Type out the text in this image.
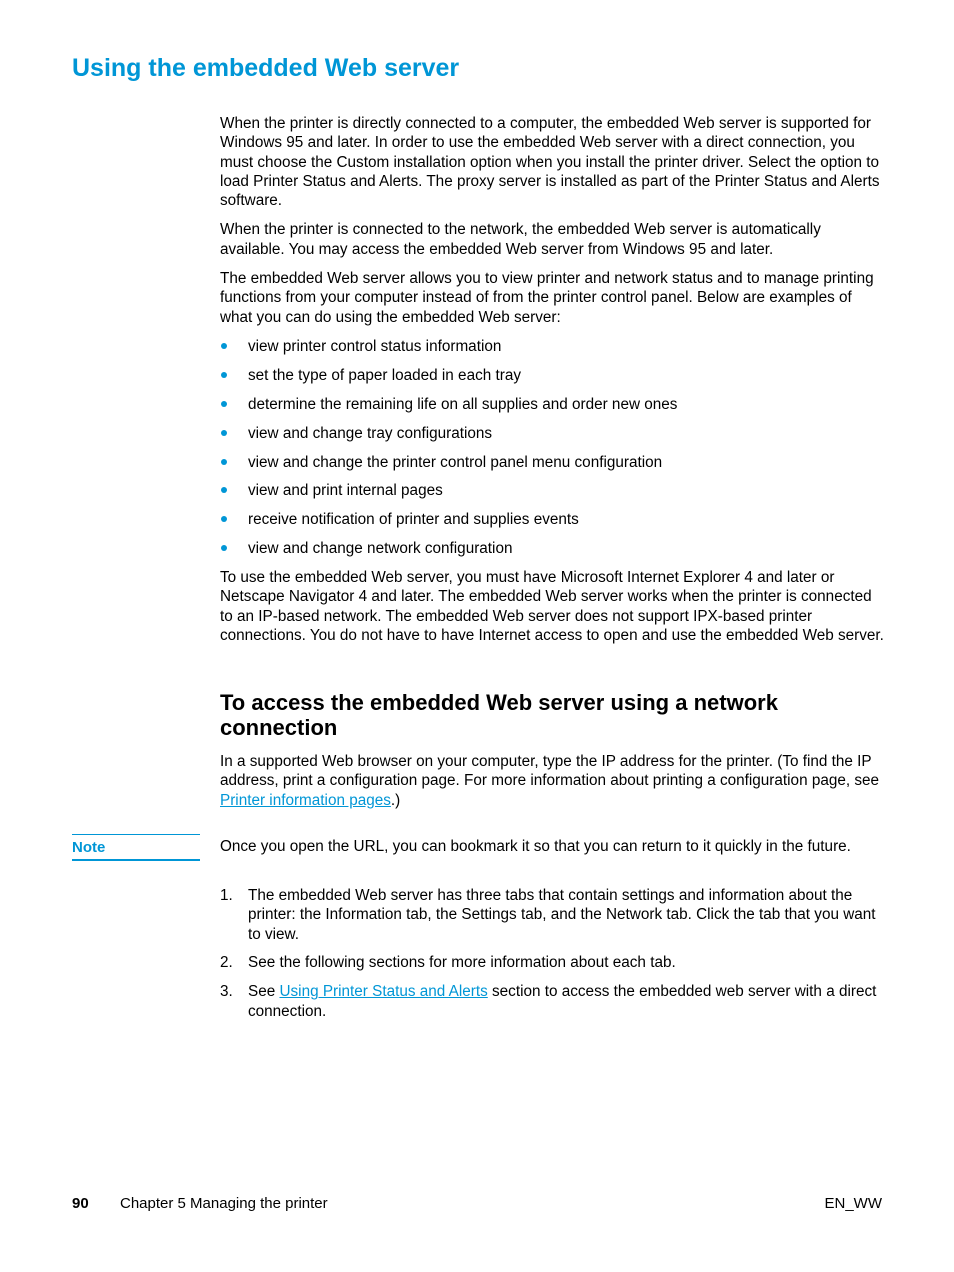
Using the embedded Web server

When the printer is directly connected to a computer, the embedded Web server is supported for Windows 95 and later. In order to use the embedded Web server with a direct connection, you must choose the Custom installation option when you install the printer driver. Select the option to load Printer Status and Alerts. The proxy server is installed as part of the Printer Status and Alerts software.

When the printer is connected to the network, the embedded Web server is automatically available. You may access the embedded Web server from Windows 95 and later.

The embedded Web server allows you to view printer and network status and to manage printing functions from your computer instead of from the printer control panel. Below are examples of what you can do using the embedded Web server:

view printer control status information
set the type of paper loaded in each tray
determine the remaining life on all supplies and order new ones
view and change tray configurations
view and change the printer control panel menu configuration
view and print internal pages
receive notification of printer and supplies events
view and change network configuration

To use the embedded Web server, you must have Microsoft Internet Explorer 4 and later or Netscape Navigator 4 and later. The embedded Web server works when the printer is connected to an IP-based network. The embedded Web server does not support IPX-based printer connections. You do not have to have Internet access to open and use the embedded Web server.

To access the embedded Web server using a network connection

In a supported Web browser on your computer, type the IP address for the printer. (To find the IP address, print a configuration page. For more information about printing a configuration page, see Printer information pages.)

Note	Once you open the URL, you can bookmark it so that you can return to it quickly in the future.
1. The embedded Web server has three tabs that contain settings and information about the printer: the Information tab, the Settings tab, and the Network tab. Click the tab that you want to view.
2. See the following sections for more information about each tab.
3. See Using Printer Status and Alerts section to access the embedded web server with a direct connection.
90 Chapter 5 Managing the printer	EN_WW
